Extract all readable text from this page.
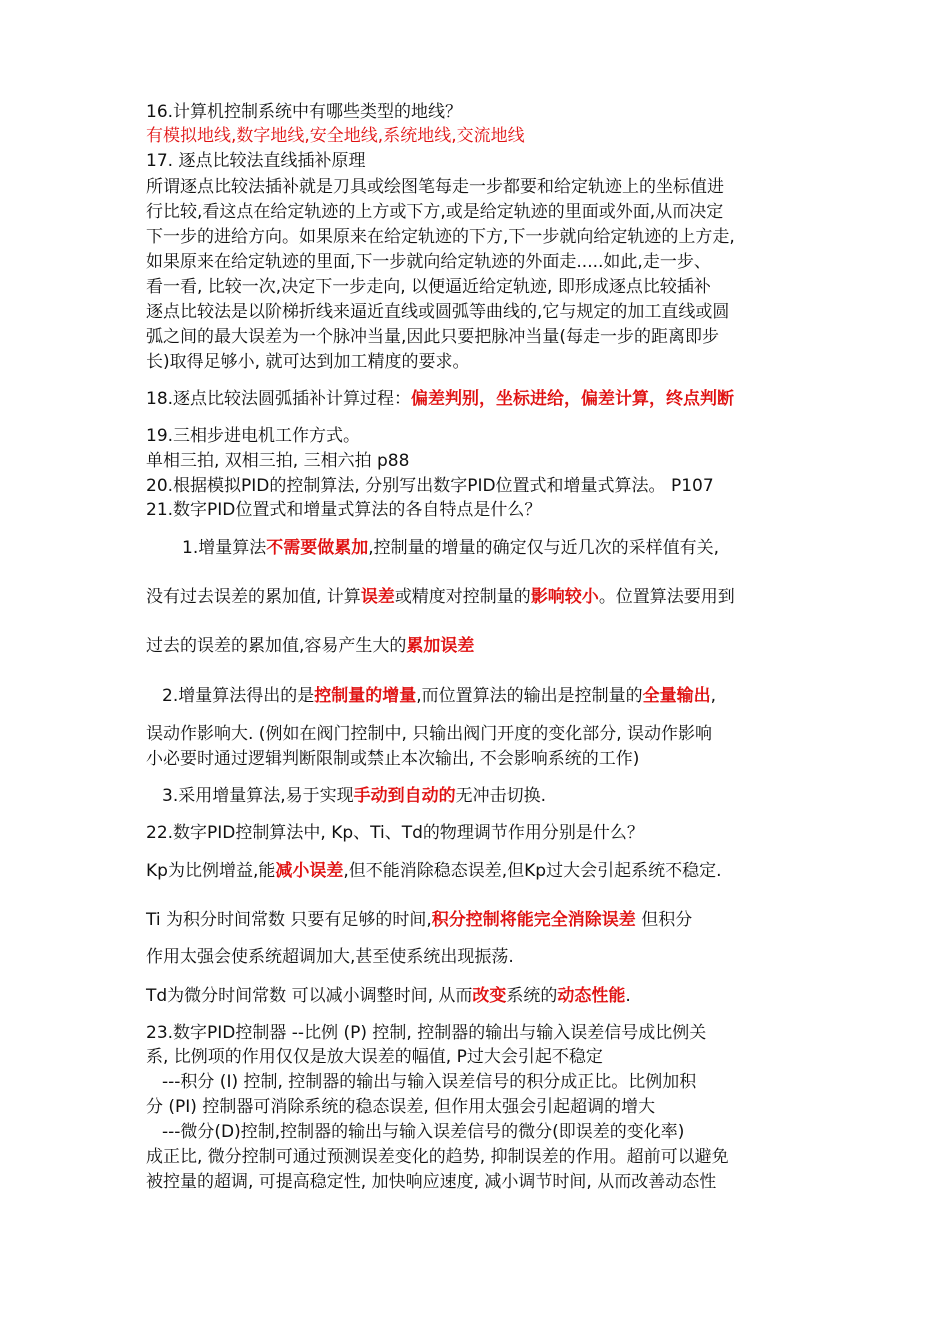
16.计算机控制系统中有哪些类型的地线？
有模拟地线,数字地线,安全地线,系统地线,交流地线
17. 逐点比较法直线插补原理
所谓逐点比较法插补就是刀具或绘图笔每走一步都要和给定轨迹上的坐标值进
行比较,看这点在给定轨迹的上方或下方,或是给定轨迹的里面或外面,从而决定
下一步的进给方向。如果原来在给定轨迹的下方,下一步就向给定轨迹的上方走,
如果原来在给定轨迹的里面,下一步就向给定轨迹的外面走.....如此,走一步、
看一看, 比较一次,决定下一步走向, 以便逼近给定轨迹, 即形成逐点比较插补
逐点比较法是以阶梯折线来逼近直线或圆弧等曲线的,它与规定的加工直线或圆
弧之间的最大误差为一个脉冲当量,因此只要把脉冲当量(每走一步的距离即步
长)取得足够小, 就可达到加工精度的要求。
18.逐点比较法圆弧插补计算过程：偏差判别，坐标进给，偏差计算，终点判断
19.三相步进电机工作方式。
单相三拍, 双相三拍, 三相六拍 p88
20.根据模拟PID的控制算法, 分别写出数字PID位置式和增量式算法。 P107
21.数字PID位置式和增量式算法的各自特点是什么？
1.增量算法不需要做累加,控制量的增量的确定仅与近几次的采样值有关,
没有过去误差的累加值, 计算误差或精度对控制量的影响较小。位置算法要用到
过去的误差的累加值,容易产生大的累加误差
2.增量算法得出的是控制量的增量,而位置算法的输出是控制量的全量输出,
误动作影响大. (例如在阀门控制中, 只输出阀门开度的变化部分, 误动作影响
小必要时通过逻辑判断限制或禁止本次输出, 不会影响系统的工作)
3.采用增量算法,易于实现手动到自动的无冲击切换.
22.数字PID控制算法中, Kp、Ti、Td的物理调节作用分别是什么？
Kp为比例增益,能减小误差,但不能消除稳态误差,但Kp过大会引起系统不稳定.
Ti 为积分时间常数 只要有足够的时间,积分控制将能完全消除误差 但积分
作用太强会使系统超调加大,甚至使系统出现振荡.
Td为微分时间常数 可以减小调整时间, 从而改变系统的动态性能.
23.数字PID控制器 --比例 (P) 控制, 控制器的输出与输入误差信号成比例关
系, 比例项的作用仅仅是放大误差的幅值, P过大会引起不稳定
---积分 (I) 控制, 控制器的输出与输入误差信号的积分成正比。比例加积
分 (PI) 控制器可消除系统的稳态误差, 但作用太强会引起超调的增大
---微分(D)控制,控制器的输出与输入误差信号的微分(即误差的变化率)
成正比, 微分控制可通过预测误差变化的趋势, 抑制误差的作用。超前可以避免
被控量的超调, 可提高稳定性, 加快响应速度, 减小调节时间, 从而改善动态性
